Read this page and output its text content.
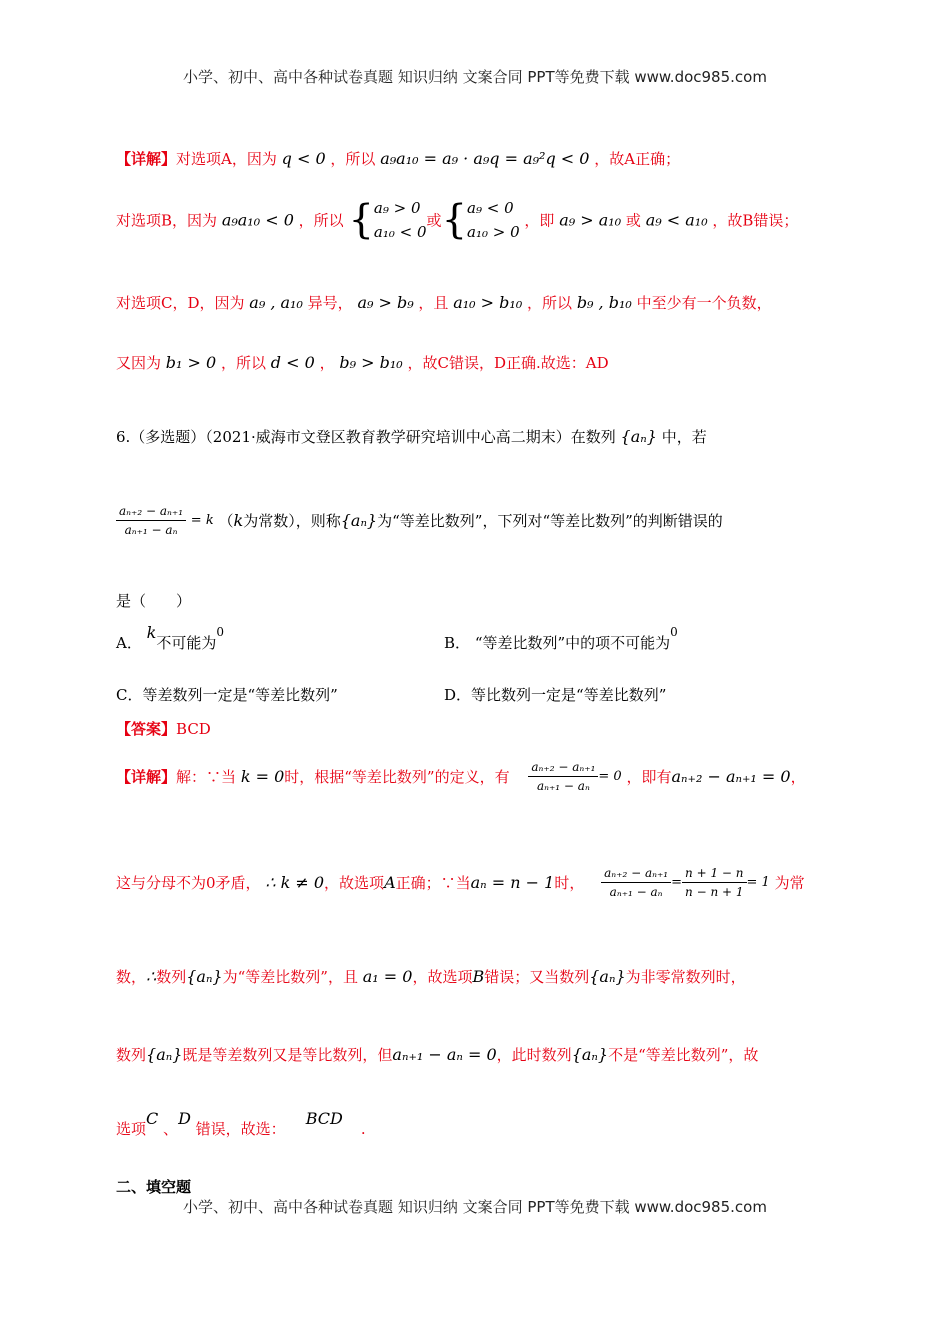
小学、初中、高中各种试卷真题 知识归纳 文案合同 PPT等免费下载 www.doc985.com
【详解】对选项A，因为 q < 0 ，所以 a₉a₁₀ = a₉ · a₉q = a₉²q < 0 ，故A正确；
对选项B，因为 a₉a₁₀ < 0 ，所以 { a₉ > 0
a₁₀ < 0
或{ a₉ < 0
a₁₀ > 0
，即 a₉ > a₁₀ 或 a₉ < a₁₀ ，故B错误；
对选项C，D，因为 a₉ , a₁₀ 异号， a₉ > b₉ ，且 a₁₀ > b₁₀ ，所以 b₉ , b₁₀ 中至少有一个负数，
又因为 b₁ > 0 ，所以 d < 0 ， b₉ > b₁₀ ，故C错误，D正确.故选：AD
6.（多选题）（2021·威海市文登区教育教学研究培训中心高二期末）在数列 {aₙ} 中，若
$\frac{\text{aₙ₊₂ − aₙ₊₁}}{\text{aₙ₊₁ − aₙ}} = k$ （k为常数），则称{aₙ}为“等差比数列”，下列对“等差比数列”的判断错误的
是（　　）
A． k不可能为$^0$
B． “等差比数列”中的项不可能为$^0$
C．等差数列一定是“等差比数列”	D．等比数列一定是“等差比数列”
【答案】BCD
【详解】解：∵当 k = 0时，根据“等差比数列”的定义，有 $\frac{\text{aₙ₊₂ − aₙ₊₁}}{\text{aₙ₊₁ − aₙ}} = 0$ ，即有aₙ₊₂ − aₙ₊₁ = 0，
这与分母不为0矛盾， ∴ k ≠ 0，故选项A正确；∵当aₙ = n − 1时， $\frac{\text{aₙ₊₂ − aₙ₊₁}}{\text{aₙ₊₁ − aₙ}} = \frac{n + 1 - n}{n - n + 1} = 1$ 为常
数，∴数列{aₙ}为“等差比数列”，且 a₁ = 0，故选项B错误；又当数列{aₙ}为非零常数列时，
数列{aₙ}既是等差数列又是等比数列，但aₙ₊₁ − aₙ = 0，此时数列{aₙ}不是“等差比数列”，故
选项C 、D 错误，故选：BCD.
二、填空题
小学、初中、高中各种试卷真题 知识归纳 文案合同 PPT等免费下载 www.doc985.com
